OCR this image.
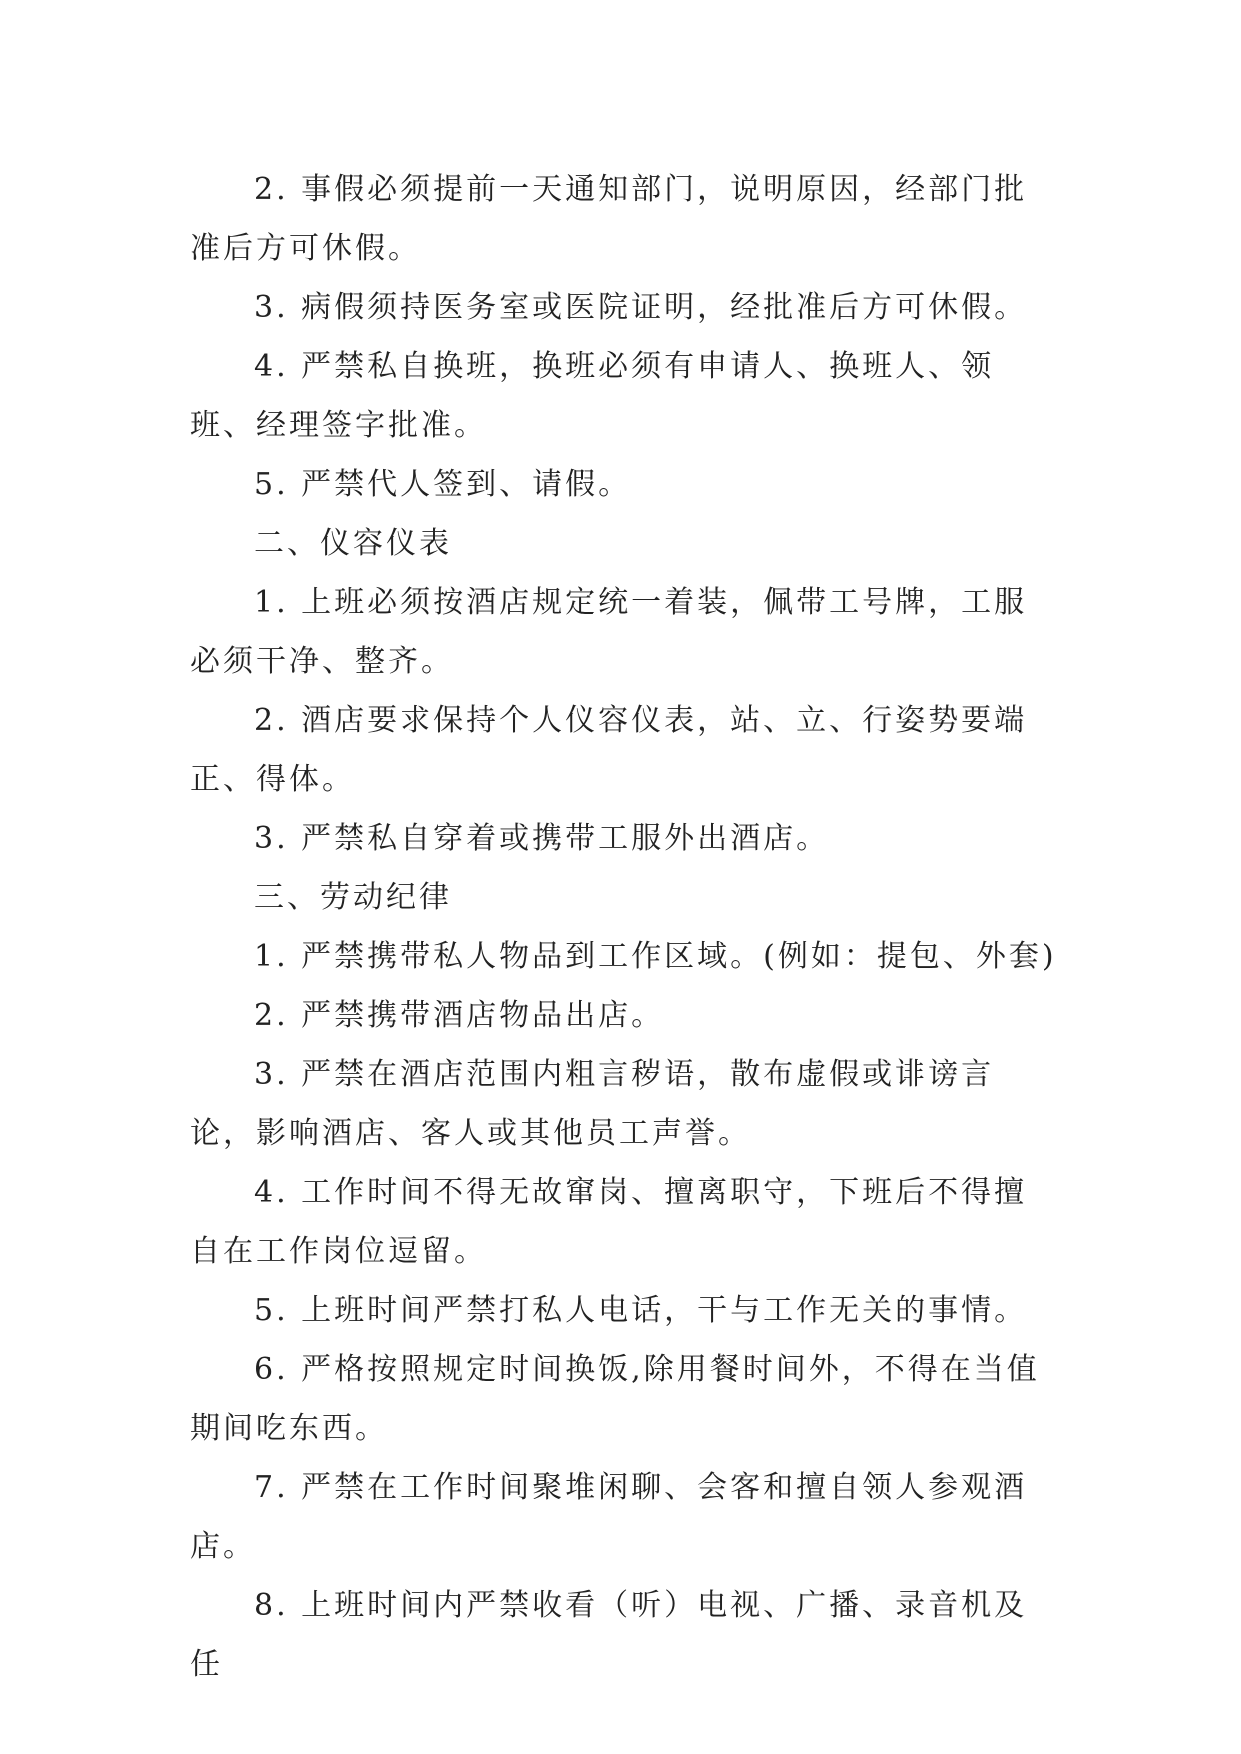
2. 事假必须提前一天通知部门，说明原因，经部门批准后方可休假。

3. 病假须持医务室或医院证明，经批准后方可休假。

4. 严禁私自换班，换班必须有申请人、换班人、领班、经理签字批准。

5. 严禁代人签到、请假。

二、仪容仪表

1. 上班必须按酒店规定统一着装，佩带工号牌，工服必须干净、整齐。

2. 酒店要求保持个人仪容仪表，站、立、行姿势要端正、得体。

3. 严禁私自穿着或携带工服外出酒店。

三、劳动纪律

1. 严禁携带私人物品到工作区域。(例如：提包、外套)

2. 严禁携带酒店物品出店。

3. 严禁在酒店范围内粗言秽语，散布虚假或诽谤言论，影响酒店、客人或其他员工声誉。

4. 工作时间不得无故窜岗、擅离职守，下班后不得擅自在工作岗位逗留。

5. 上班时间严禁打私人电话，干与工作无关的事情。

6. 严格按照规定时间换饭,除用餐时间外，不得在当值期间吃东西。

7. 严禁在工作时间聚堆闲聊、会客和擅自领人参观酒店。

8. 上班时间内严禁收看（听）电视、广播、录音机及任
